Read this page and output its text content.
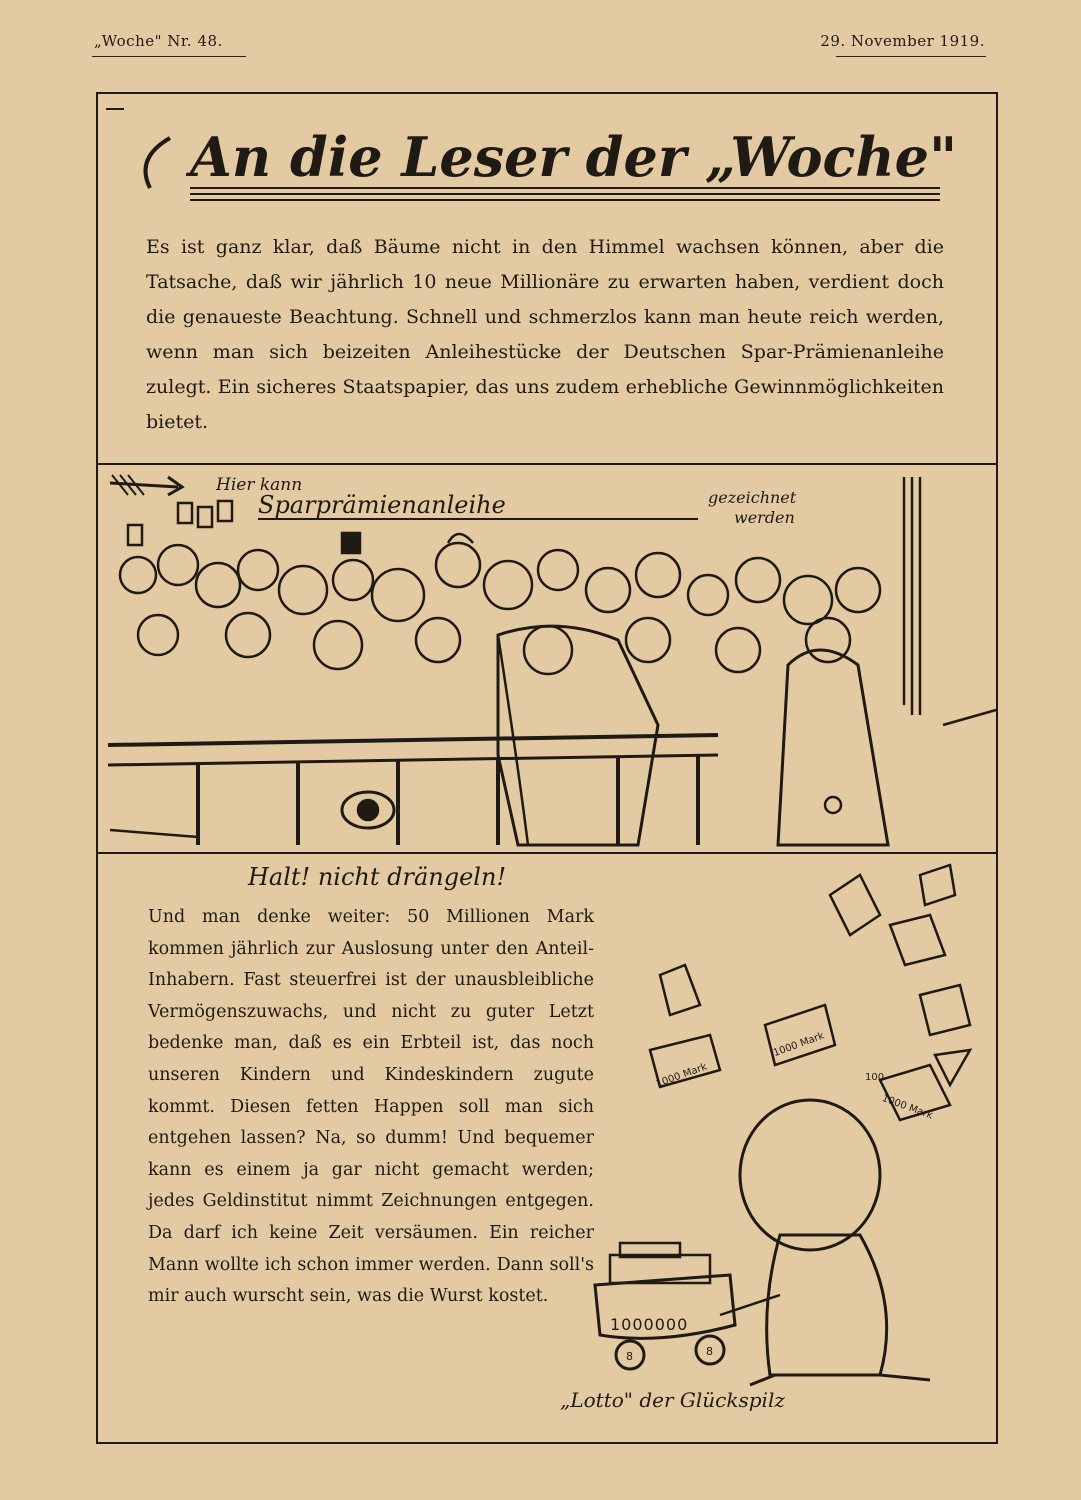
„Woche" Nr. 48.	29. November 1919.
An die Leser der „Woche"

Es ist ganz klar, daß Bäume nicht in den Himmel wachsen können, aber die Tatsache, daß wir jährlich 10 neue Millionäre zu erwarten haben, verdient doch die genaueste Beachtung. Schnell und schmerzlos kann man heute reich werden, wenn man sich beizeiten Anleihestücke der Deutschen Spar-Prämienanleihe zulegt. Ein sicheres Staatspapier, das uns zudem erhebliche Gewinnmöglichkeiten bietet.

Hier kann
Sparprämienanleihe	gezeichnet
werden
Halt! nicht drängeln!
Und man denke weiter: 50 Millionen Mark kommen jährlich zur Auslosung unter den Anteil-Inhabern. Fast steuerfrei ist der unausbleibliche Vermögenszuwachs, und nicht zu guter Letzt bedenke man, daß es ein Erbteil ist, das noch unseren Kindern und Kindeskindern zugute kommt. Diesen fetten Happen soll man sich entgehen lassen? Na, so dumm! Und bequemer kann es einem ja gar nicht gemacht werden; jedes Geldinstitut nimmt Zeichnungen entgegen. Da darf ich keine Zeit versäumen. Ein reicher Mann wollte ich schon immer werden. Dann soll's mir auch wurscht sein, was die Wurst kostet.
1000 Mark
1000 Mark
1000 Mark
100
1000000
8	8
„Lotto" der Glückspilz
